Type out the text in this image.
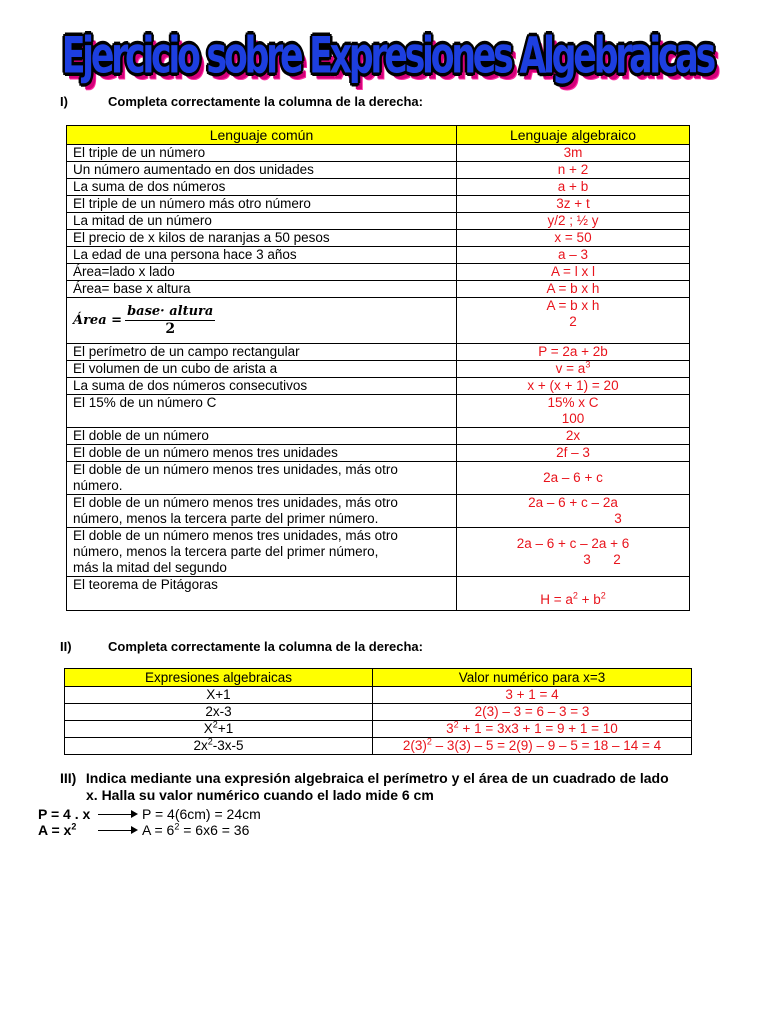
Ejercicio sobre Expresiones Algebraicas
I)	Completa correctamente la columna de la derecha:
Lenguaje común	Lenguaje algebraico
El triple de un número	3m
Un número aumentado en dos unidades	n + 2
La suma de dos números	a + b
El triple de un número más otro número	3z + t
La mitad de un número	y/2 ; ½ y
El precio de x kilos de naranjas a 50 pesos	x = 50
La edad de una persona hace 3 años	a – 3
Área=lado x lado	A = l x l
Área= base x altura	A = b x h

Área =
base· altura
2	A = b x h
2

El perímetro de un campo rectangular	P = 2a + 2b
El volumen de un cubo de arista a	$v = a^3$
La suma de dos números consecutivos	x + (x + 1) = 20
El 15% de un número C	15% x C
100

El doble de un número	2x
El doble de un número menos tres unidades	2f – 3

El doble de un número menos tres unidades, más otro
número.	2a – 6 + c

El doble de un número menos tres unidades, más otro
número, menos la tercera parte del primer número.	2a – 6 + c – 2a
3

El doble de un número menos tres unidades, más otro
número, menos la tercera parte del primer número,
más la mitad del segundo	2a – 6 + c – 2a + 6
3      2

El teorema de Pitágoras	$H = a^2 + b^2$
II)	Completa correctamente la columna de la derecha:
Expresiones algebraicas	Valor numérico para x=3
X+1	3 + 1 = 4
2x-3	2(3) – 3 = 6 – 3 = 3
$X^2+1$	$3^2 + 1 = 3x3 + 1 = 9 + 1 = 10$
$2x^2-3x-5$	$2(3)^2 - 3(3) - 5 = 2(9) - 9 - 5 = 18 - 14 = 4$
III) Indica mediante una expresión algebraica el perímetro y el área de un cuadrado de lado
x. Halla su valor numérico cuando el lado mide 6 cm
P = 4 . x	P = 4(6cm) = 24cm
$A = x^2$	$A = 6^2 = 6x6 = 36$
